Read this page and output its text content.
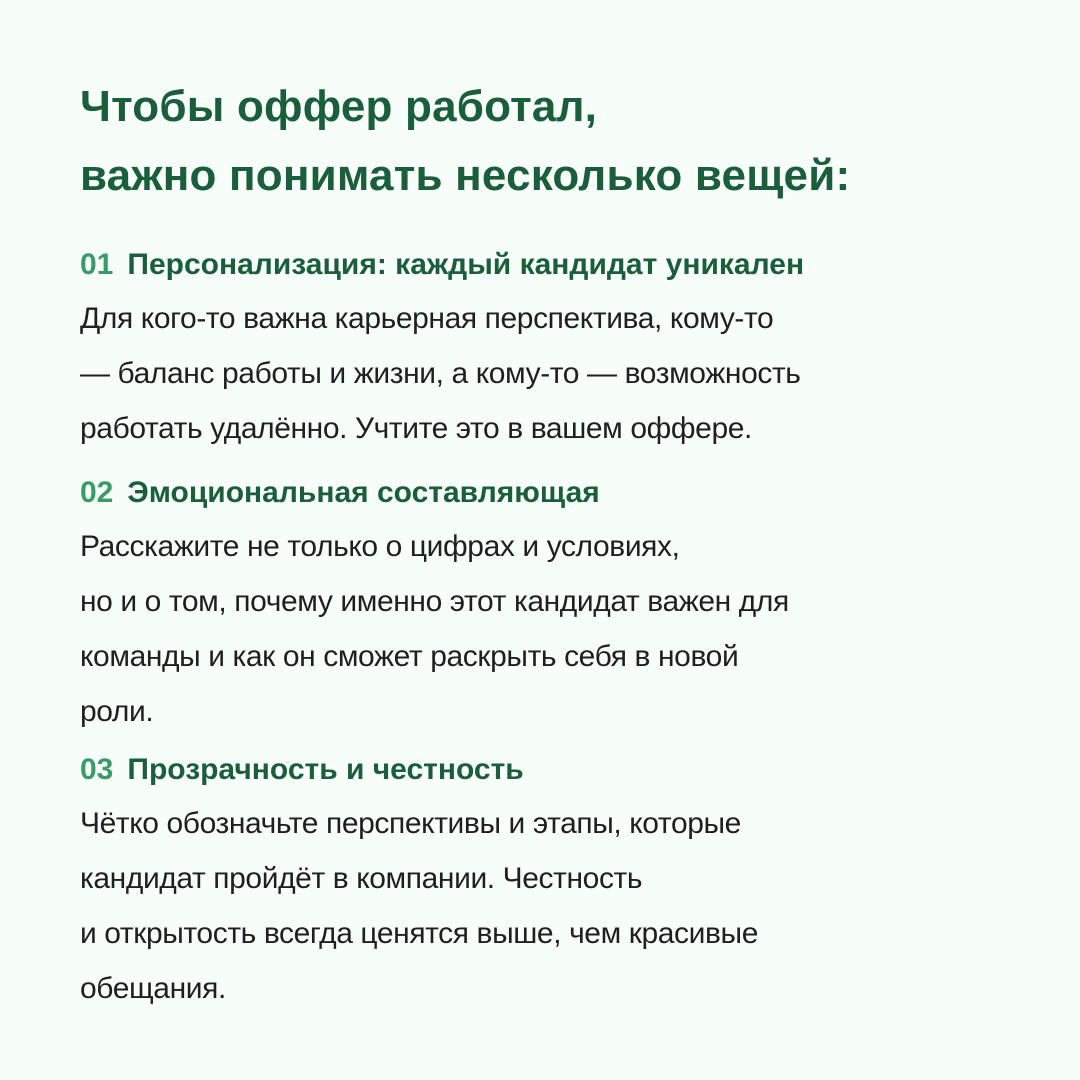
Чтобы оффер работал,
важно понимать несколько вещей:
01 Персонализация: каждый кандидат уникален

Для кого-то важна карьерная перспектива, кому-то
— баланс работы и жизни, а кому-то — возможность
работать удалённо. Учтите это в вашем оффере.

02 Эмоциональная составляющая

Расскажите не только о цифрах и условиях,
но и о том, почему именно этот кандидат важен для
команды и как он сможет раскрыть себя в новой
роли.

03 Прозрачность и честность

Чётко обозначьте перспективы и этапы, которые
кандидат пройдёт в компании. Честность
и открытость всегда ценятся выше, чем красивые
обещания.
